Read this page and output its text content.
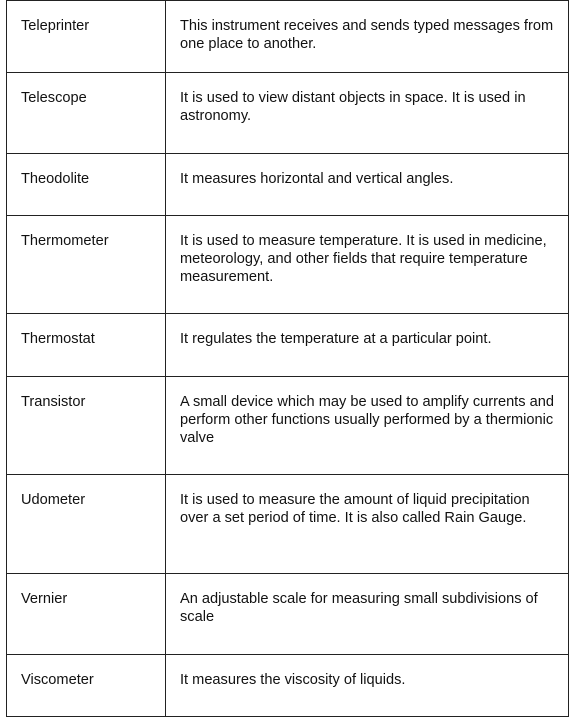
Teleprinter	This instrument receives and sends typed messages from one place to another.

Telescope	It is used to view distant objects in space. It is used in astronomy.

Theodolite	It measures horizontal and vertical angles.

Thermometer	It is used to measure temperature. It is used in medicine, meteorology, and other fields that require temperature measurement.

Thermostat	It regulates the temperature at a particular point.

Transistor	A small device which may be used to amplify currents and perform other functions usually performed by a thermionic valve

Udometer	It is used to measure the amount of liquid precipitation over a set period of time. It is also called Rain Gauge.

Vernier	An adjustable scale for measuring small subdivisions of scale

Viscometer	It measures the viscosity of liquids.
